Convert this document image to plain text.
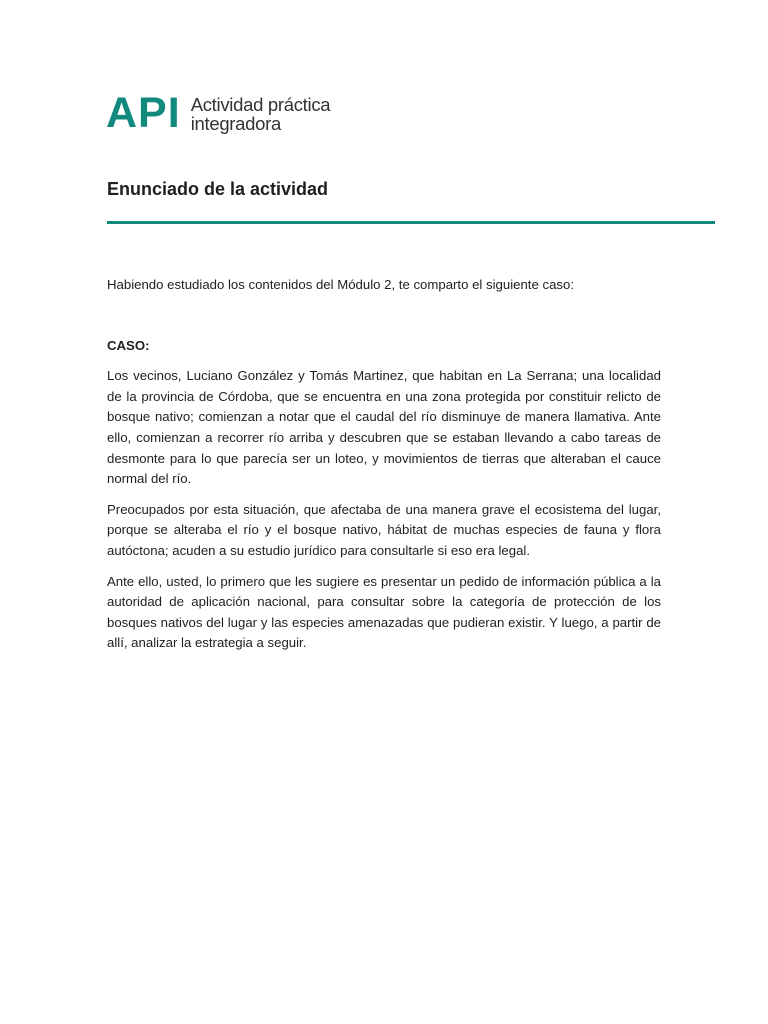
API Actividad práctica
integradora
Enunciado de la actividad

Habiendo estudiado los contenidos del Módulo 2, te comparto el siguiente caso:

CASO:

Los vecinos, Luciano González y Tomás Martinez, que habitan en La Serrana; una localidad de la provincia de Córdoba, que se encuentra en una zona protegida por constituir relicto de bosque nativo; comienzan a notar que el caudal del río disminuye de manera llamativa. Ante ello, comienzan a recorrer río arriba y descubren que se estaban llevando a cabo tareas de desmonte para lo que parecía ser un loteo, y movimientos de tierras que alteraban el cauce normal del río.

Preocupados por esta situación, que afectaba de una manera grave el ecosistema del lugar, porque se alteraba el río y el bosque nativo, hábitat de muchas especies de fauna y flora autóctona; acuden a su estudio jurídico para consultarle si eso era legal.

Ante ello, usted, lo primero que les sugiere es presentar un pedido de información pública a la autoridad de aplicación nacional, para consultar sobre la categoría de protección de los bosques nativos del lugar y las especies amenazadas que pudieran existir. Y luego, a partir de allí, analizar la estrategia a seguir.
